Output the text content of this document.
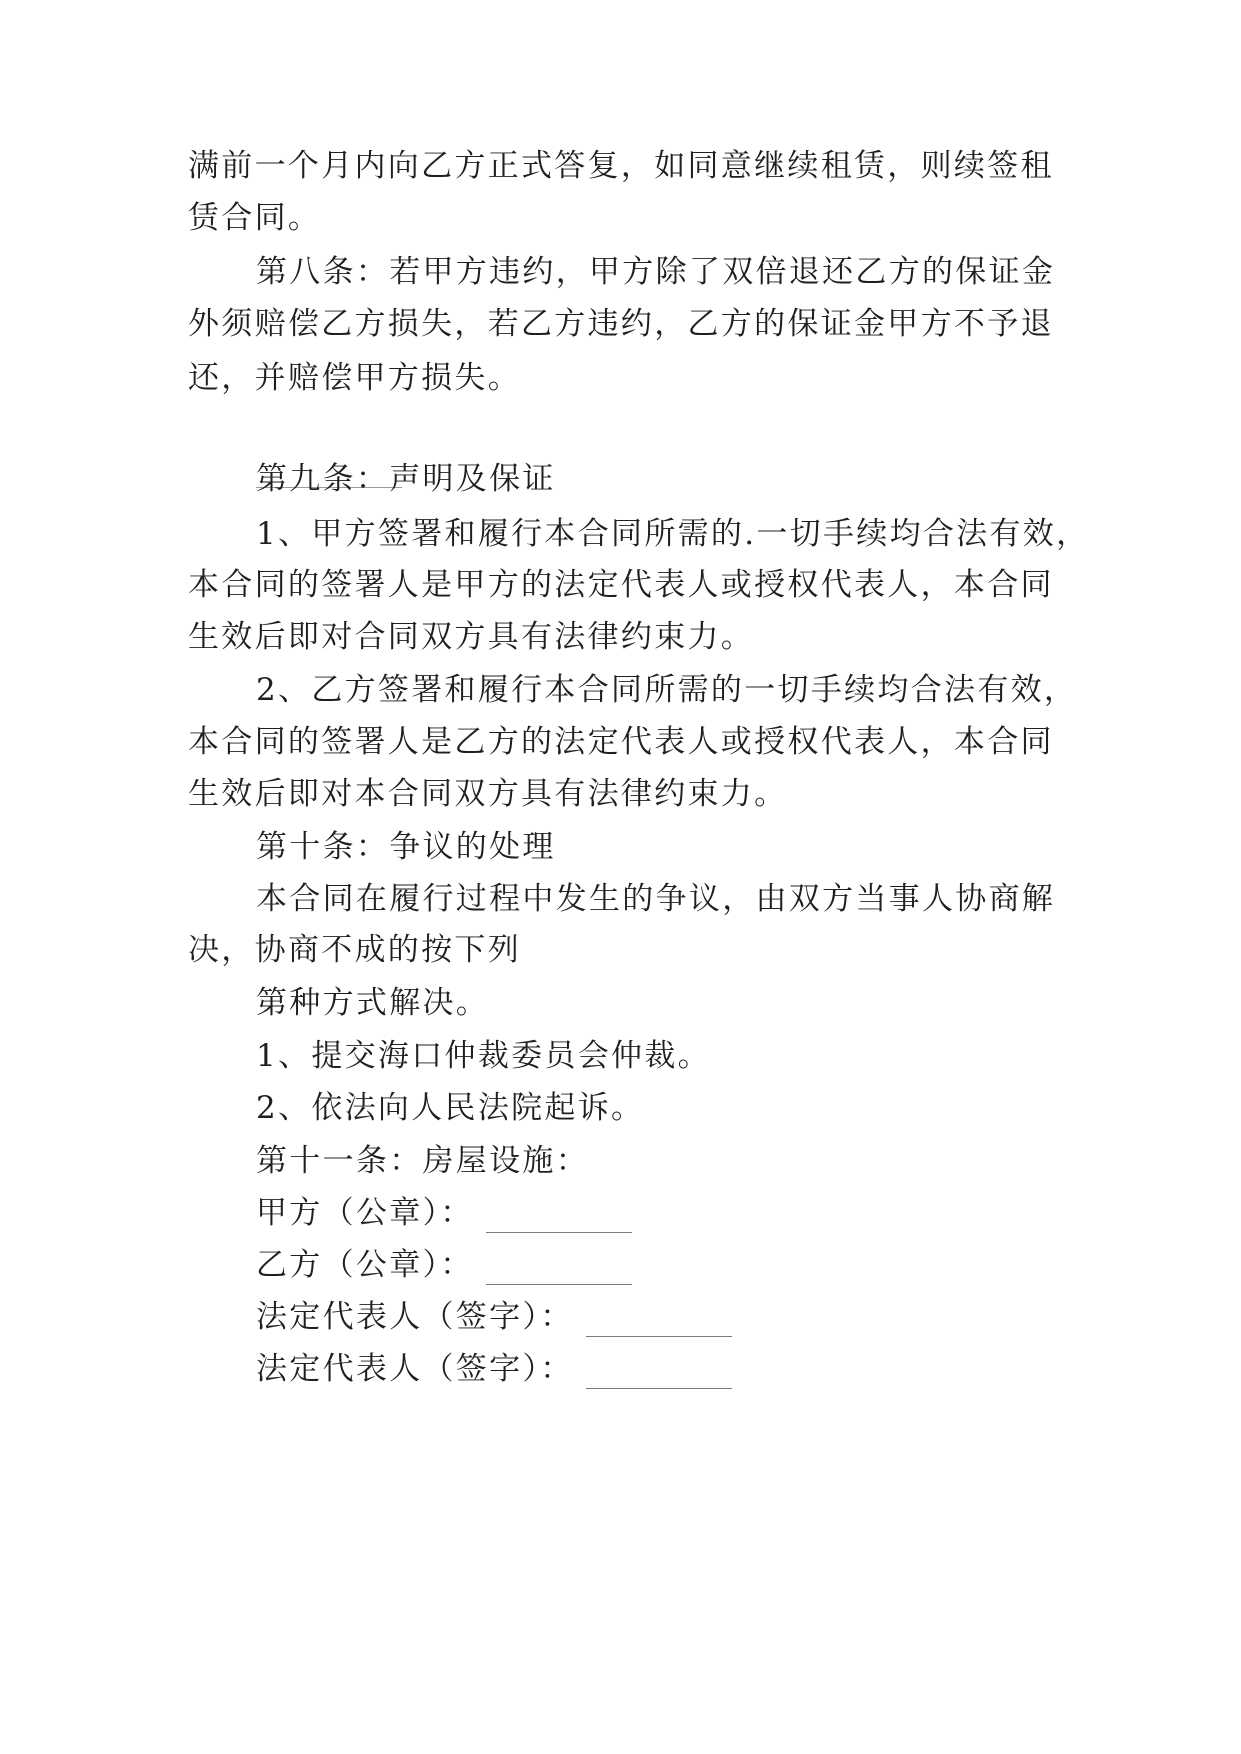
满前一个月内向乙方正式答复，如同意继续租赁，则续签租
赁合同。
第八条：若甲方违约，甲方除了双倍退还乙方的保证金
外须赔偿乙方损失，若乙方违约，乙方的保证金甲方不予退
还，并赔偿甲方损失。
第九条：声明及保证
1、甲方签署和履行本合同所需的.一切手续均合法有效，
本合同的签署人是甲方的法定代表人或授权代表人，本合同
生效后即对合同双方具有法律约束力。
2、乙方签署和履行本合同所需的一切手续均合法有效，
本合同的签署人是乙方的法定代表人或授权代表人，本合同
生效后即对本合同双方具有法律约束力。
第十条：争议的处理
本合同在履行过程中发生的争议，由双方当事人协商解
决，协商不成的按下列
第种方式解决。
1、提交海口仲裁委员会仲裁。
2、依法向人民法院起诉。
第十一条：房屋设施：
甲方（公章）：
乙方（公章）：
法定代表人（签字）：
法定代表人（签字）：
